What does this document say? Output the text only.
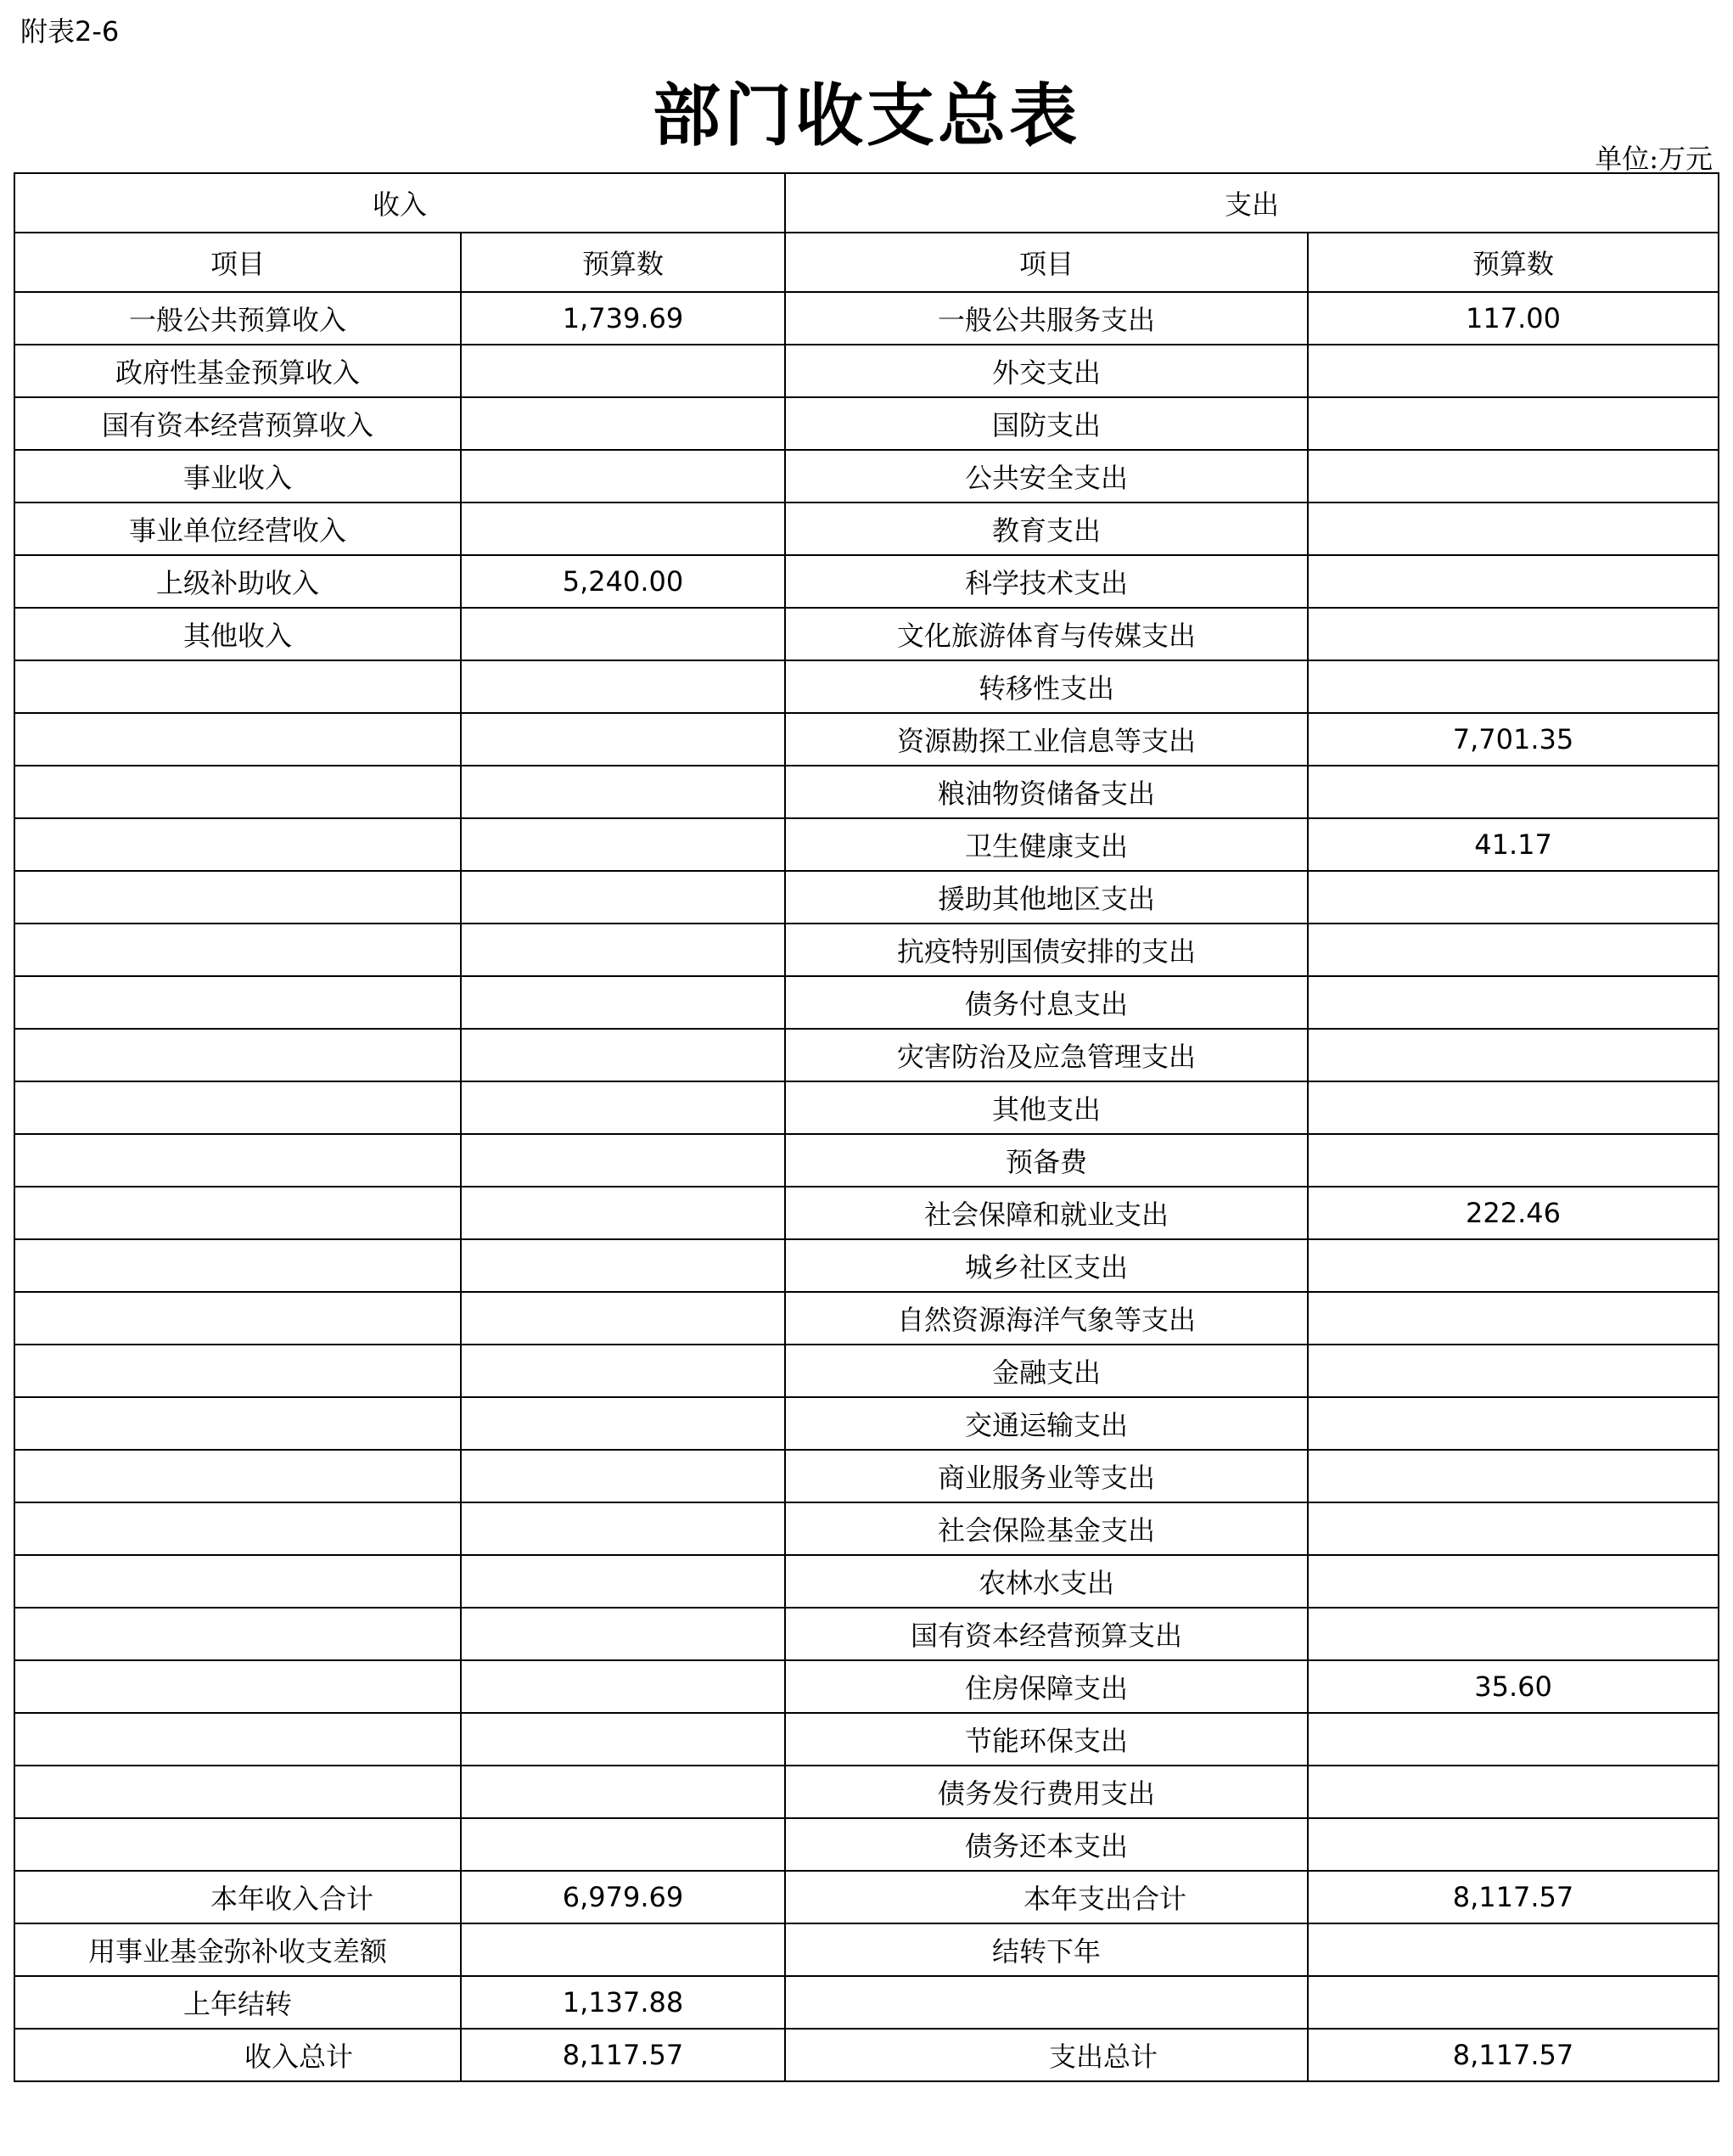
附表2-6
部门收支总表
单位:万元
收入		支出	
项目	预算数	项目	预算数
一般公共预算收入	1,739.69	一般公共服务支出	117.00
政府性基金预算收入		外交支出	
国有资本经营预算收入		国防支出	
事业收入		公共安全支出	
事业单位经营收入		教育支出	
上级补助收入	5,240.00	科学技术支出	
其他收入		文化旅游体育与传媒支出	
		转移性支出	
		资源勘探工业信息等支出	7,701.35
		粮油物资储备支出	
		卫生健康支出	41.17
		援助其他地区支出	
		抗疫特别国债安排的支出	
		债务付息支出	
		灾害防治及应急管理支出	
		其他支出	
		预备费	
		社会保障和就业支出	222.46
		城乡社区支出	
		自然资源海洋气象等支出	
		金融支出	
		交通运输支出	
		商业服务业等支出	
		社会保险基金支出	
		农林水支出	
		国有资本经营预算支出	
		住房保障支出	35.60
		节能环保支出	
		债务发行费用支出	
		债务还本支出	
本年收入合计	6,979.69	本年支出合计	8,117.57
用事业基金弥补收支差额		结转下年	
上年结转	1,137.88		
收入总计	8,117.57	支出总计	8,117.57
